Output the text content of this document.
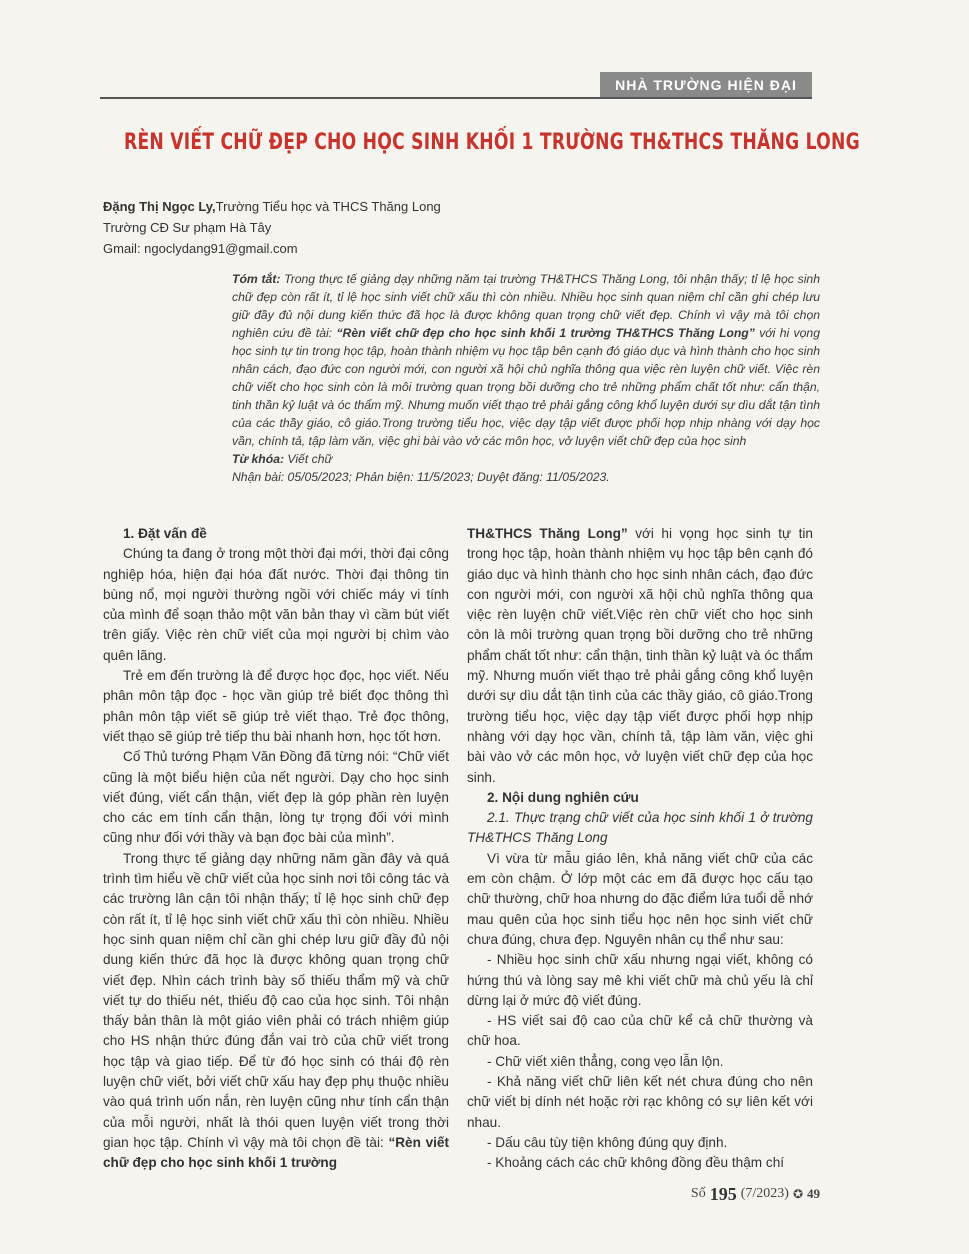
NHÀ TRƯỜNG HIỆN ĐẠI
RÈN VIẾT CHỮ ĐẸP CHO HỌC SINH KHỐI 1 TRƯỜNG TH&THCS THĂNG LONG
Đặng Thị Ngọc Ly,Trường Tiểu học và THCS Thăng Long
Trường CĐ Sư phạm Hà Tây
Gmail: ngoclydang91@gmail.com

Tóm tắt: Trong thực tế giảng dạy những năm tại trường TH&THCS Thăng Long, tôi nhận thấy; tỉ lệ học sinh chữ đẹp còn rất ít, tỉ lệ học sinh viết chữ xấu thì còn nhiều. Nhiều học sinh quan niệm chỉ cần ghi chép lưu giữ đầy đủ nội dung kiến thức đã học là được không quan trọng chữ viết đẹp. Chính vì vậy mà tôi chọn nghiên cứu đề tài: “Rèn viết chữ đẹp cho học sinh khối 1 trường TH&THCS Thăng Long” với hi vọng học sinh tự tin trong học tập, hoàn thành nhiệm vụ học tập bên cạnh đó giáo dục và hình thành cho học sinh nhân cách, đạo đức con người mới, con người xã hội chủ nghĩa thông qua việc rèn luyện chữ viết. Việc rèn chữ viết cho học sinh còn là môi trường quan trọng bồi dưỡng cho trẻ những phẩm chất tốt như: cẩn thận, tinh thần kỷ luật và óc thẩm mỹ. Nhưng muốn viết thạo trẻ phải gắng công khổ luyện dưới sự dìu dắt tận tình của các thầy giáo, cô giáo.Trong trường tiểu học, việc dạy tập viết được phối hợp nhịp nhàng với dạy học vần, chính tả, tập làm văn, việc ghi bài vào vở các môn học, vở luyện viết chữ đẹp của học sinh

Từ khóa: Viết chữ

Nhận bài: 05/05/2023; Phản biện: 11/5/2023; Duyệt đăng: 11/05/2023.

1. Đặt vấn đề

Chúng ta đang ở trong một thời đại mới, thời đại công nghiệp hóa, hiện đại hóa đất nước. Thời đại thông tin bùng nổ, mọi người thường ngồi với chiếc máy vi tính của mình để soạn thảo một văn bản thay vì cầm bút viết trên giấy. Việc rèn chữ viết của mọi người bị chìm vào quên lãng.

Trẻ em đến trường là để được học đọc, học viết. Nếu phân môn tập đọc - học vần giúp trẻ biết đọc thông thì phân môn tập viết sẽ giúp trẻ viết thạo. Trẻ đọc thông, viết thạo sẽ giúp trẻ tiếp thu bài nhanh hơn, học tốt hơn.

Cố Thủ tướng Phạm Văn Đồng đã từng nói: “Chữ viết cũng là một biểu hiện của nết người. Dạy cho học sinh viết đúng, viết cẩn thận, viết đẹp là góp phần rèn luyện cho các em tính cẩn thận, lòng tự trọng đối với mình cũng như đối với thầy và bạn đọc bài của mình”.

Trong thực tế giảng dạy những năm gần đây và quá trình tìm hiểu về chữ viết của học sinh nơi tôi công tác và các trường lân cận tôi nhận thấy; tỉ lệ học sinh chữ đẹp còn rất ít, tỉ lệ học sinh viết chữ xấu thì còn nhiều. Nhiều học sinh quan niệm chỉ cần ghi chép lưu giữ đầy đủ nội dung kiến thức đã học là được không quan trọng chữ viết đẹp. Nhìn cách trình bày số thiếu thẩm mỹ và chữ viết tự do thiếu nét, thiếu độ cao của học sinh. Tôi nhận thấy bản thân là một giáo viên phải có trách nhiệm giúp cho HS nhận thức đúng đắn vai trò của chữ viết trong học tập và giao tiếp. Để từ đó học sinh có thái độ rèn luyện chữ viết, bởi viết chữ xấu hay đẹp phụ thuộc nhiều vào quá trình uốn nắn, rèn luyện cũng như tính cẩn thận của mỗi người, nhất là thói quen luyện viết trong thời gian học tập. Chính vì vậy mà tôi chọn đề tài: “Rèn viết chữ đẹp cho học sinh khối 1 trường

TH&THCS Thăng Long” với hi vọng học sinh tự tin trong học tập, hoàn thành nhiệm vụ học tập bên cạnh đó giáo dục và hình thành cho học sinh nhân cách, đạo đức con người mới, con người xã hội chủ nghĩa thông qua việc rèn luyện chữ viết.Việc rèn chữ viết cho học sinh còn là môi trường quan trọng bồi dưỡng cho trẻ những phẩm chất tốt như: cẩn thận, tinh thần kỷ luật và óc thẩm mỹ. Nhưng muốn viết thạo trẻ phải gắng công khổ luyện dưới sự dìu dắt tận tình của các thầy giáo, cô giáo.Trong trường tiểu học, việc dạy tập viết được phối hợp nhịp nhàng với dạy học vần, chính tả, tập làm văn, việc ghi bài vào vở các môn học, vở luyện viết chữ đẹp của học sinh.

2. Nội dung nghiên cứu

2.1. Thực trạng chữ viết của học sinh khối 1 ở trường TH&THCS Thăng Long

Vì vừa từ mẫu giáo lên, khả năng viết chữ của các em còn chậm. Ở lớp một các em đã được học cấu tạo chữ thường, chữ hoa nhưng do đặc điểm lứa tuổi dễ nhớ mau quên của học sinh tiểu học nên học sinh viết chữ chưa đúng, chưa đẹp. Nguyên nhân cụ thể như sau:

- Nhiều học sinh chữ xấu nhưng ngại viết, không có hứng thú và lòng say mê khi viết chữ mà chủ yếu là chỉ dừng lại ở mức độ viết đúng.

- HS viết sai độ cao của chữ kể cả chữ thường và chữ hoa.

- Chữ viết xiên thẳng, cong vẹo lẫn lộn.

- Khả năng viết chữ liên kết nét chưa đúng cho nên chữ viết bị dính nét hoặc rời rạc không có sự liên kết với nhau.

- Dấu câu tùy tiện không đúng quy định.

- Khoảng cách các chữ không đồng đều thậm chí

Số 195 (7/2023) ✪ 49
